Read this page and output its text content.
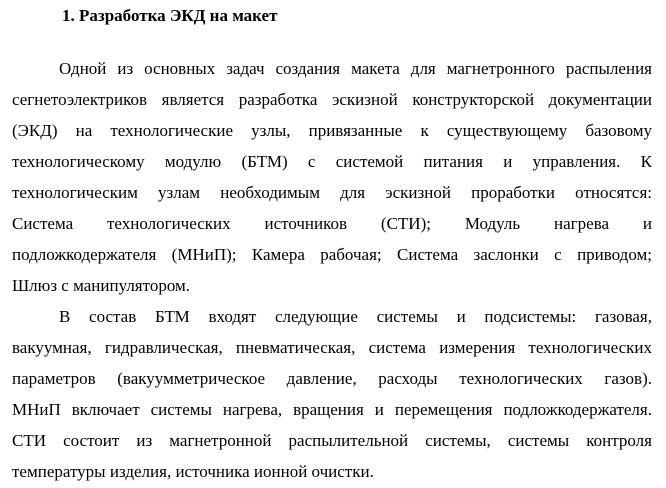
1. Разработка ЭКД на макет

Одной из основных задач создания макета для магнетронного распыления
сегнетоэлектриков является разработка эскизной конструкторской документации
(ЭКД) на технологические узлы, привязанные к существующему базовому
технологическому модулю (БТМ) с системой питания и управления. К
технологическим узлам необходимым для эскизной проработки относятся:
Система технологических источников (СТИ); Модуль нагрева и
подложкодержателя (МНиП); Камера рабочая; Система заслонки с приводом;
Шлюз с манипулятором.

В состав БТМ входят следующие системы и подсистемы: газовая,
вакуумная, гидравлическая, пневматическая, система измерения технологических
параметров (вакуумметрическое давление, расходы технологических газов).
МНиП включает системы нагрева, вращения и перемещения подложкодержателя.
СТИ состоит из магнетронной распылительной системы, системы контроля
температуры изделия, источника ионной очистки.
